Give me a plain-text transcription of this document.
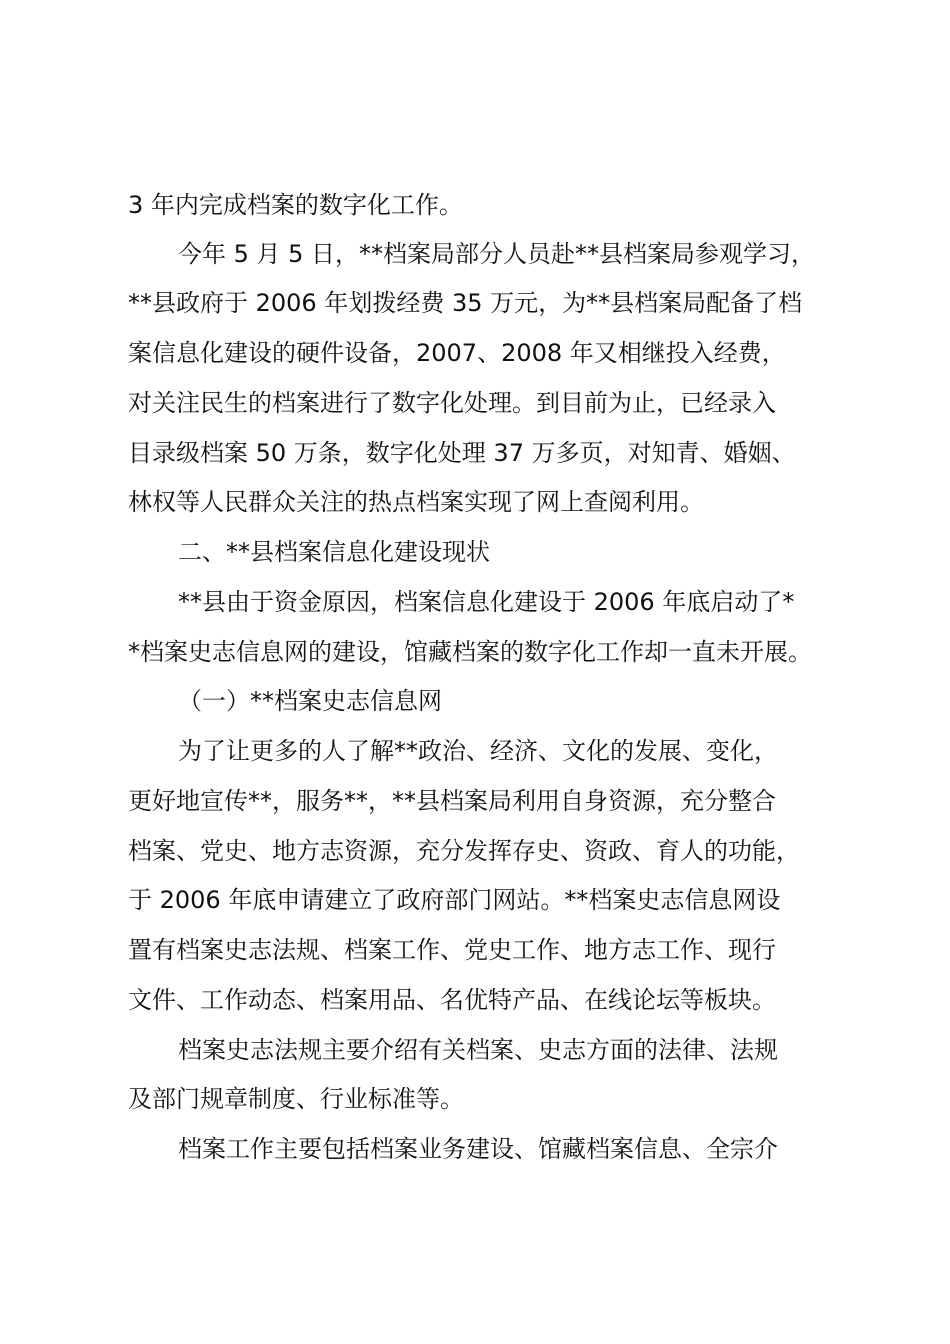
3 年内完成档案的数字化工作。

今年 5 月 5 日，**档案局部分人员赴**县档案局参观学习，

**县政府于 2006 年划拨经费 35 万元，为**县档案局配备了档

案信息化建设的硬件设备，2007、2008 年又相继投入经费，

对关注民生的档案进行了数字化处理。到目前为止，已经录入

目录级档案 50 万条，数字化处理 37 万多页，对知青、婚姻、

林权等人民群众关注的热点档案实现了网上查阅利用。

二、**县档案信息化建设现状

**县由于资金原因，档案信息化建设于 2006 年底启动了*

*档案史志信息网的建设，馆藏档案的数字化工作却一直未开展。

（一）**档案史志信息网

为了让更多的人了解**政治、经济、文化的发展、变化，

更好地宣传**，服务**，**县档案局利用自身资源，充分整合

档案、党史、地方志资源，充分发挥存史、资政、育人的功能，

于 2006 年底申请建立了政府部门网站。**档案史志信息网设

置有档案史志法规、档案工作、党史工作、地方志工作、现行

文件、工作动态、档案用品、名优特产品、在线论坛等板块。

档案史志法规主要介绍有关档案、史志方面的法律、法规

及部门规章制度、行业标准等。

档案工作主要包括档案业务建设、馆藏档案信息、全宗介
